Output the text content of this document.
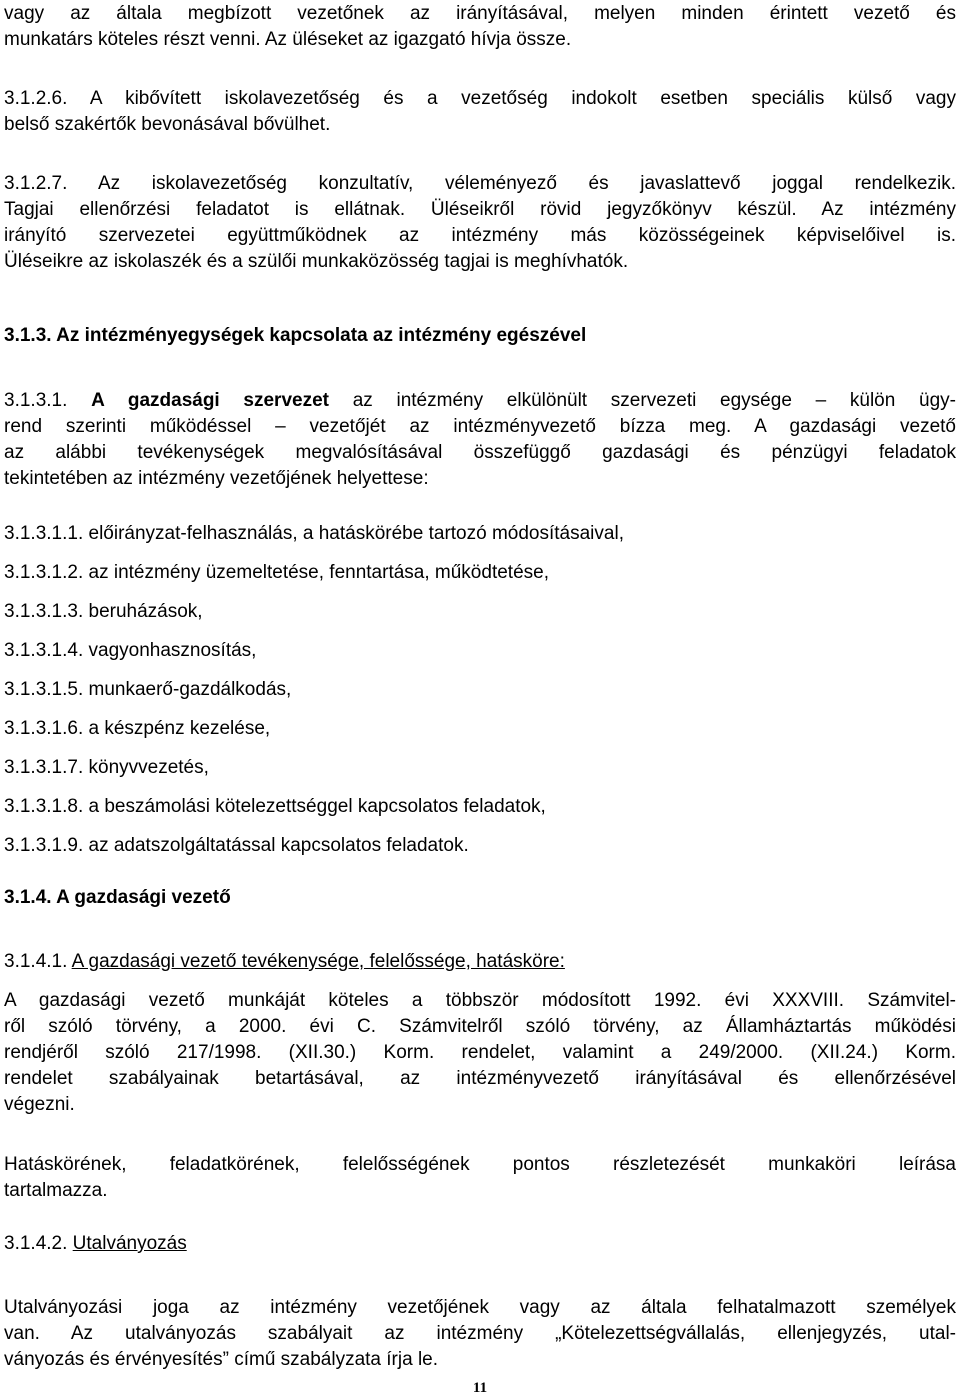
vagy az általa megbízott vezetőnek az irányításával, melyen minden érintett vezető és

munkatárs köteles részt venni. Az üléseket az igazgató hívja össze.

3.1.2.6. A kibővített iskolavezetőség és a vezetőség indokolt esetben speciális külső vagy

belső szakértők bevonásával bővülhet.

3.1.2.7. Az iskolavezetőség konzultatív, véleményező és javaslattevő joggal rendelkezik.

Tagjai ellenőrzési feladatot is ellátnak. Üléseikről rövid jegyzőkönyv készül. Az intézmény

irányító szervezetei együttműködnek az intézmény más közösségeinek képviselőivel is.

Üléseikre az iskolaszék és a szülői munkaközösség tagjai is meghívhatók.

3.1.3. Az intézményegységek kapcsolata az intézmény egészével

3.1.3.1. A gazdasági szervezet az intézmény elkülönült szervezeti egysége – külön ügy-

rend szerinti működéssel – vezetőjét az intézményvezető bízza meg. A gazdasági vezető

az alábbi tevékenységek megvalósításával összefüggő gazdasági és pénzügyi feladatok

tekintetében az intézmény vezetőjének helyettese:

3.1.3.1.1. előirányzat-felhasználás, a hatáskörébe tartozó módosításaival,

3.1.3.1.2. az intézmény üzemeltetése, fenntartása, működtetése,

3.1.3.1.3. beruházások,

3.1.3.1.4. vagyonhasznosítás,

3.1.3.1.5. munkaerő-gazdálkodás,

3.1.3.1.6. a készpénz kezelése,

3.1.3.1.7. könyvvezetés,

3.1.3.1.8. a beszámolási kötelezettséggel kapcsolatos feladatok,

3.1.3.1.9. az adatszolgáltatással kapcsolatos feladatok.

3.1.4. A gazdasági vezető

3.1.4.1. A gazdasági vezető tevékenysége, felelőssége, hatásköre:

A gazdasági vezető munkáját köteles a többször módosított 1992. évi XXXVIII. Számvitel-

ről szóló törvény, a 2000. évi C. Számvitelről szóló törvény, az Államháztartás működési

rendjéről szóló 217/1998. (XII.30.) Korm. rendelet, valamint a 249/2000. (XII.24.) Korm.

rendelet szabályainak betartásával, az intézményvezető irányításával és ellenőrzésével

végezni.

Hatáskörének, feladatkörének, felelősségének pontos részletezését munkaköri leírása

tartalmazza.

3.1.4.2. Utalványozás

Utalványozási joga az intézmény vezetőjének vagy az általa felhatalmazott személyek

van. Az utalványozás szabályait az intézmény „Kötelezettségvállalás, ellenjegyzés, utal-

ványozás és érvényesítés” című szabályzata írja le.

11
